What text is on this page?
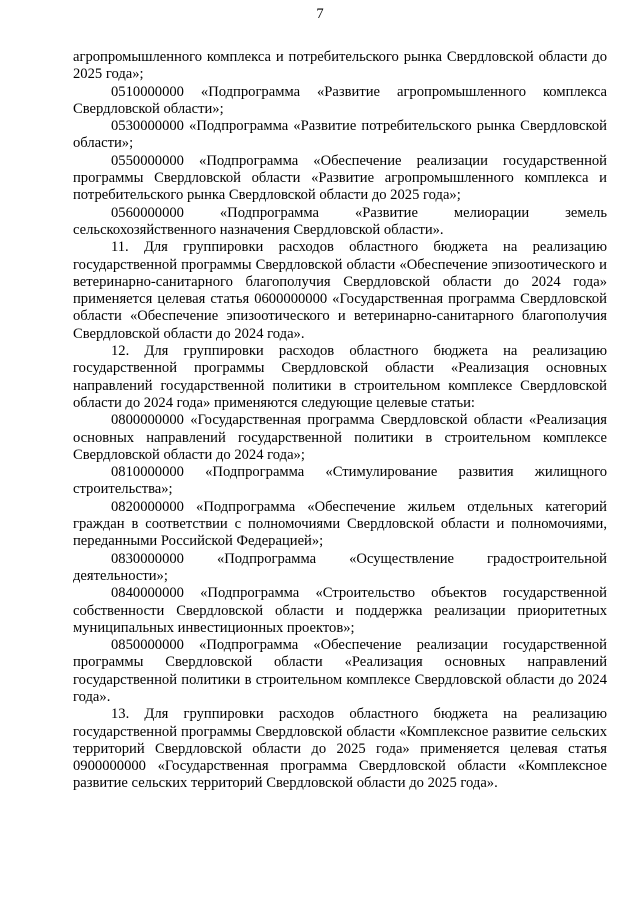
7

агропромышленного комплекса и потребительского рынка Свердловской области до 2025 года»;

0510000000 «Подпрограмма «Развитие агропромышленного комплекса Свердловской области»;

0530000000 «Подпрограмма «Развитие потребительского рынка Свердловской области»;

0550000000 «Подпрограмма «Обеспечение реализации государственной программы Свердловской области «Развитие агропромышленного комплекса и потребительского рынка Свердловской области до 2025 года»;

0560000000 «Подпрограмма «Развитие мелиорации земель сельскохозяйственного назначения Свердловской области».

11. Для группировки расходов областного бюджета на реализацию государственной программы Свердловской области «Обеспечение эпизоотического и ветеринарно-санитарного благополучия Свердловской области до 2024 года» применяется целевая статья 0600000000 «Государственная программа Свердловской области «Обеспечение эпизоотического и ветеринарно-санитарного благополучия Свердловской области до 2024 года».

12. Для группировки расходов областного бюджета на реализацию государственной программы Свердловской области «Реализация основных направлений государственной политики в строительном комплексе Свердловской области до 2024 года» применяются следующие целевые статьи:

0800000000 «Государственная программа Свердловской области «Реализация основных направлений государственной политики в строительном комплексе Свердловской области до 2024 года»;

0810000000 «Подпрограмма «Стимулирование развития жилищного строительства»;

0820000000 «Подпрограмма «Обеспечение жильем отдельных категорий граждан в соответствии с полномочиями Свердловской области и полномочиями, переданными Российской Федерацией»;

0830000000 «Подпрограмма «Осуществление градостроительной деятельности»;

0840000000 «Подпрограмма «Строительство объектов государственной собственности Свердловской области и поддержка реализации приоритетных муниципальных инвестиционных проектов»;

0850000000 «Подпрограмма «Обеспечение реализации государственной программы Свердловской области «Реализация основных направлений государственной политики в строительном комплексе Свердловской области до 2024 года».

13. Для группировки расходов областного бюджета на реализацию государственной программы Свердловской области «Комплексное развитие сельских территорий Свердловской области до 2025 года» применяется целевая статья 0900000000 «Государственная программа Свердловской области «Комплексное развитие сельских территорий Свердловской области до 2025 года».
